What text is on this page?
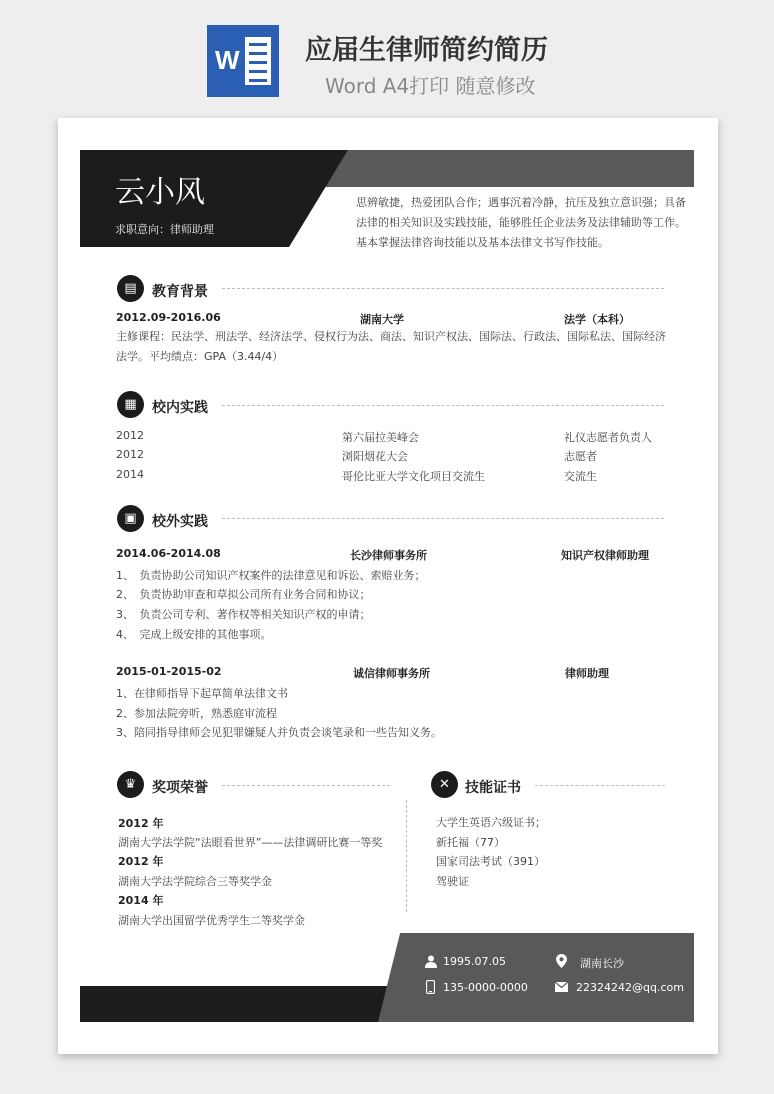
W 应届生律师简约简历
Word A4打印 随意修改
云小风
求职意向：律师助理
思辨敏捷，热爱团队合作；遇事沉着冷静，抗压及独立意识强；具备法律的相关知识及实践技能，能够胜任企业法务及法律辅助等工作。基本掌握法律咨询技能以及基本法律文书写作技能。
▤	教育背景
2012.09-2016.06	湖南大学	法学（本科）
主修课程：民法学、刑法学、经济法学、侵权行为法、商法、知识产权法、国际法、行政法、国际私法、国际经济法学。平均绩点：GPA（3.44/4）
▦	校内实践
2012	第六届拉美峰会	礼仪志愿者负责人
2012	浏阳烟花大会	志愿者
2014	哥伦比亚大学文化项目交流生	交流生
▣	校外实践
2014.06-2014.08	长沙律师事务所	知识产权律师助理
1、　负责协助公司知识产权案件的法律意见和诉讼、索赔业务；
2、　负责协助审查和草拟公司所有业务合同和协议；
3、　负责公司专利、著作权等相关知识产权的申请；
4、　完成上级安排的其他事项。
2015-01-2015-02	诚信律师事务所	律师助理
1、在律师指导下起草简单法律文书
2、参加法院旁听，熟悉庭审流程
3、陪同指导律师会见犯罪嫌疑人并负责会谈笔录和一些告知义务。
♛	奖项荣誉
2012 年
湖南大学法学院“法眼看世界”——法律调研比赛一等奖
2012 年
湖南大学法学院综合三等奖学金
2014 年
湖南大学出国留学优秀学生二等奖学金
✕	技能证书
大学生英语六级证书；
新托福（77）
国家司法考试（391）
驾驶证
1995.07.05	湖南长沙
135-0000-0000	22324242@qq.com
